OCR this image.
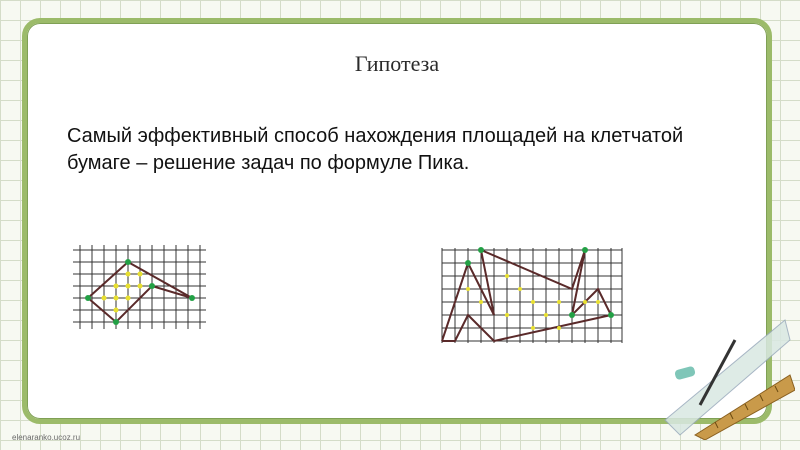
Гипотеза
Самый эффективный способ нахождения площадей на клетчатой бумаге – решение задач по формуле Пика.
elenaranko.ucoz.ru
